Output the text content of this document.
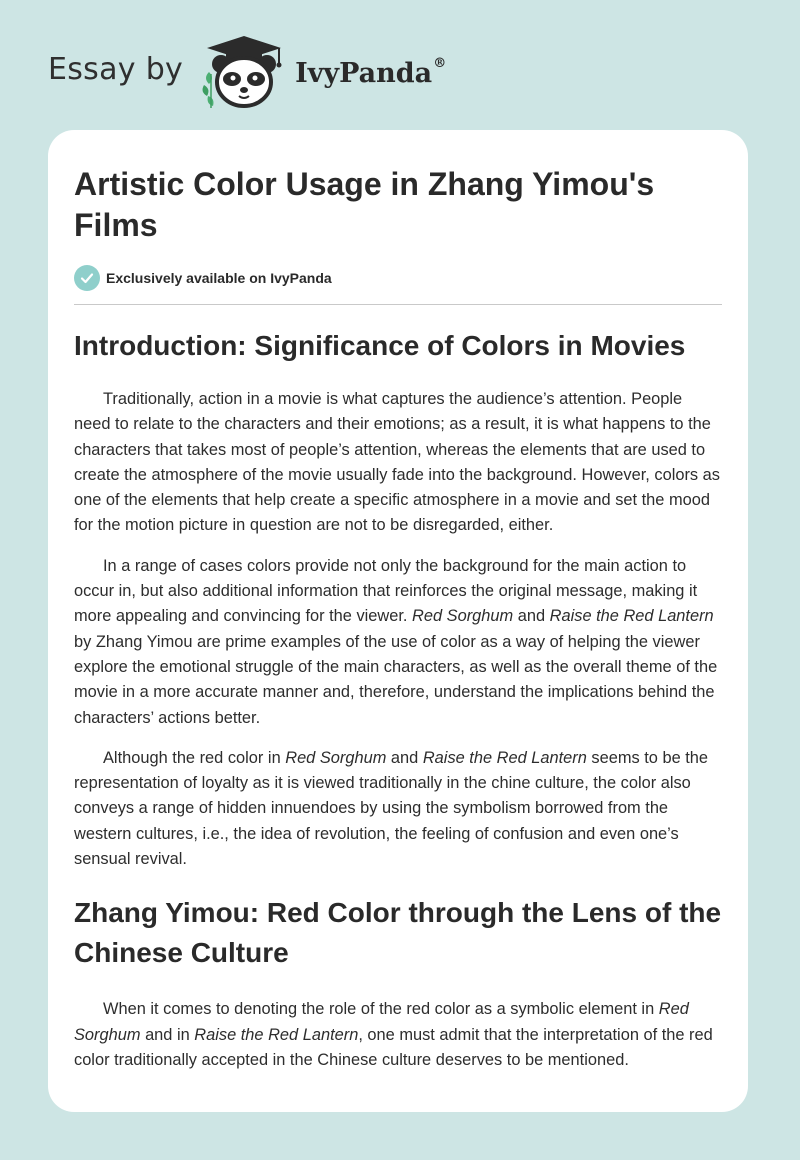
Essay by	IvyPanda®
Artistic Color Usage in Zhang Yimou's Films
Exclusively available on IvyPanda
Introduction: Significance of Colors in Movies

Traditionally, action in a movie is what captures the audience’s attention. People need to relate to the characters and their emotions; as a result, it is what happens to the characters that takes most of people’s attention, whereas the elements that are used to create the atmosphere of the movie usually fade into the background. However, colors as one of the elements that help create a specific atmosphere in a movie and set the mood for the motion picture in question are not to be disregarded, either.

In a range of cases colors provide not only the background for the main action to occur in, but also additional information that reinforces the original message, making it more appealing and convincing for the viewer. Red Sorghum and Raise the Red Lantern by Zhang Yimou are prime examples of the use of color as a way of helping the viewer explore the emotional struggle of the main characters, as well as the overall theme of the movie in a more accurate manner and, therefore, understand the implications behind the characters’ actions better.

Although the red color in Red Sorghum and Raise the Red Lantern seems to be the representation of loyalty as it is viewed traditionally in the chine culture, the color also conveys a range of hidden innuendoes by using the symbolism borrowed from the western cultures, i.e., the idea of revolution, the feeling of confusion and even one’s sensual revival.

Zhang Yimou: Red Color through the Lens of the Chinese Culture

When it comes to denoting the role of the red color as a symbolic element in Red Sorghum and in Raise the Red Lantern, one must admit that the interpretation of the red color traditionally accepted in the Chinese culture deserves to be mentioned.
